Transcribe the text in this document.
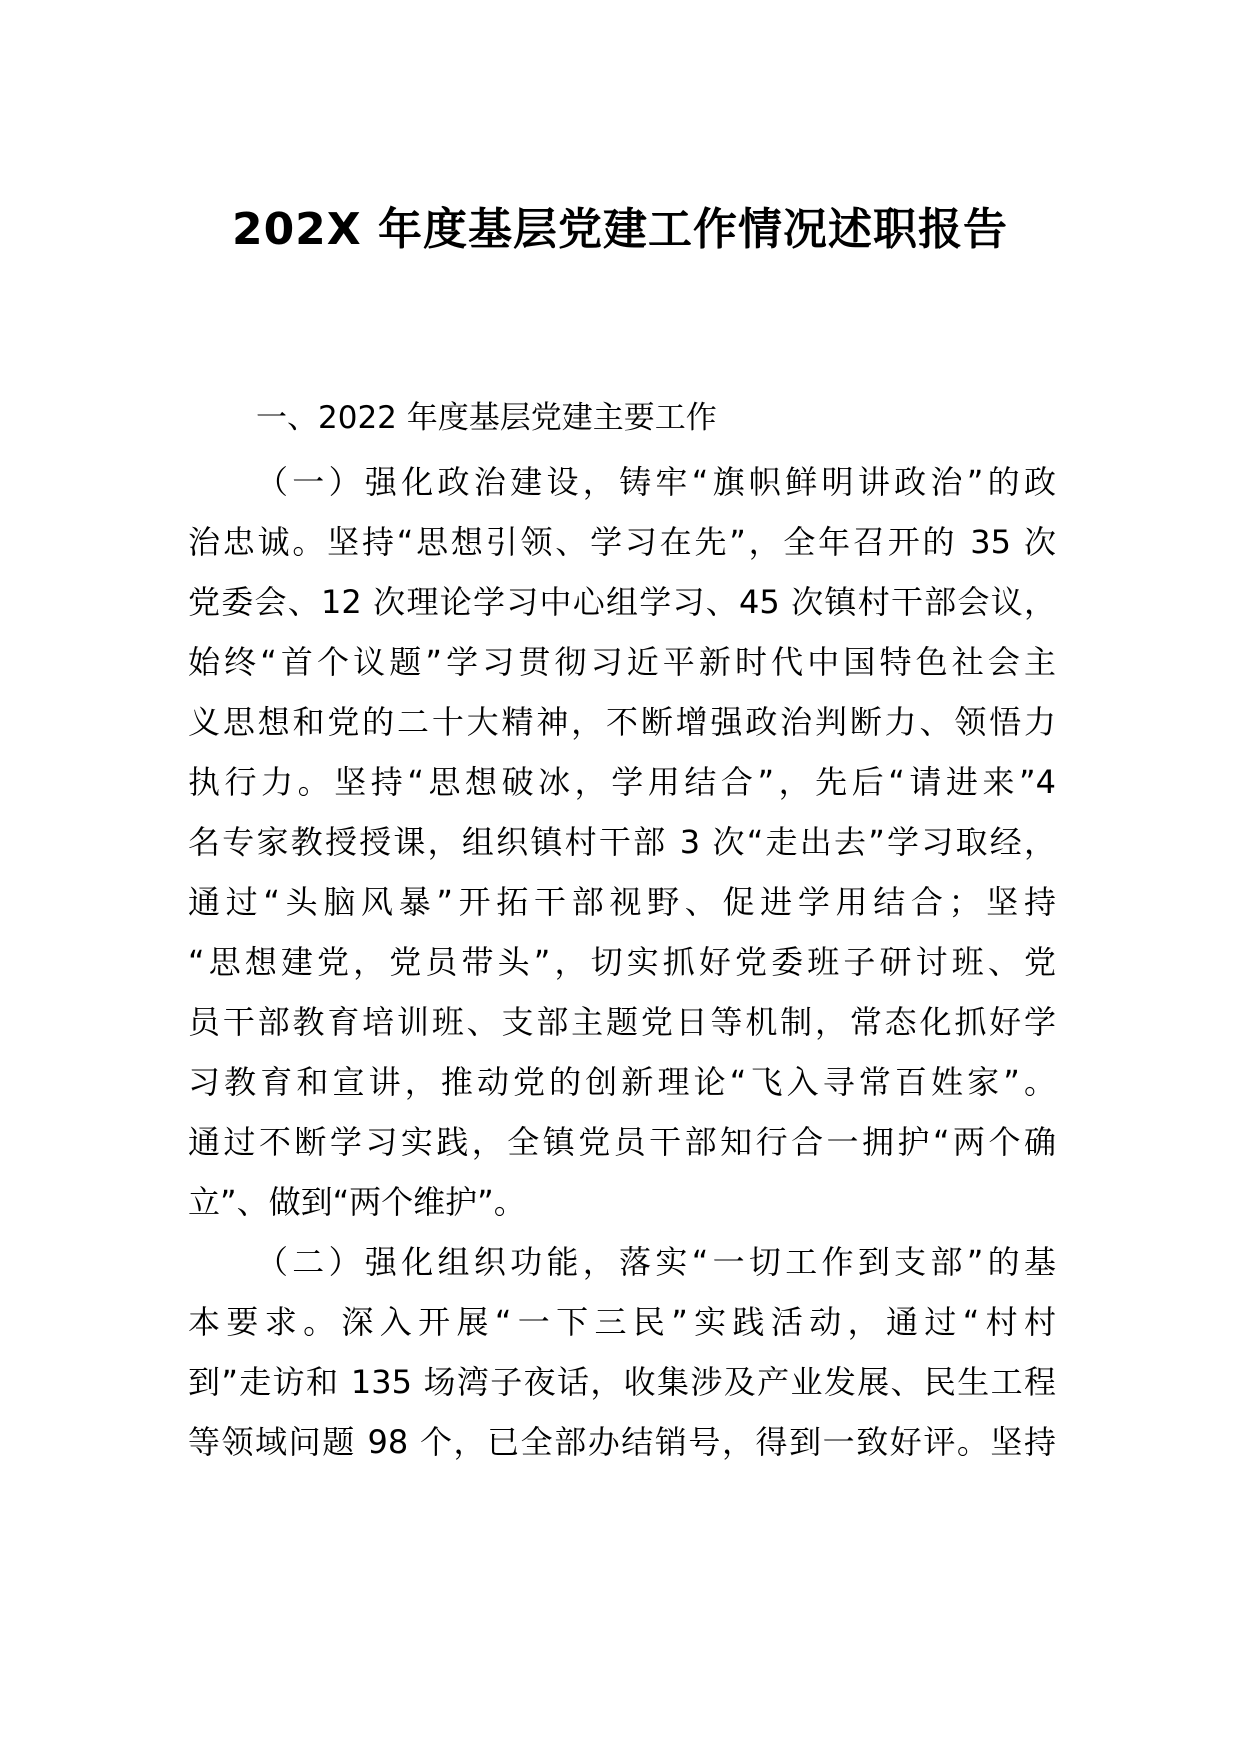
202X 年度基层党建工作情况述职报告

一、2022 年度基层党建主要工作

（一）强化政治建设，铸牢“旗帜鲜明讲政治”的政

治忠诚。坚持“思想引领、学习在先”，全年召开的 35 次

党委会、12 次理论学习中心组学习、45 次镇村干部会议，

始终“首个议题”学习贯彻习近平新时代中国特色社会主

义思想和党的二十大精神，不断增强政治判断力、领悟力

执行力。坚持“思想破冰，学用结合”，先后“请进来”4

名专家教授授课，组织镇村干部 3 次“走出去”学习取经，

通过“头脑风暴”开拓干部视野、促进学用结合；坚持

“思想建党，党员带头”，切实抓好党委班子研讨班、党

员干部教育培训班、支部主题党日等机制，常态化抓好学

习教育和宣讲，推动党的创新理论“飞入寻常百姓家”。

通过不断学习实践，全镇党员干部知行合一拥护“两个确

立”、做到“两个维护”。

（二）强化组织功能，落实“一切工作到支部”的基

本要求。深入开展“一下三民”实践活动，通过“村村

到”走访和 135 场湾子夜话，收集涉及产业发展、民生工程

等领域问题 98 个，已全部办结销号，得到一致好评。坚持
